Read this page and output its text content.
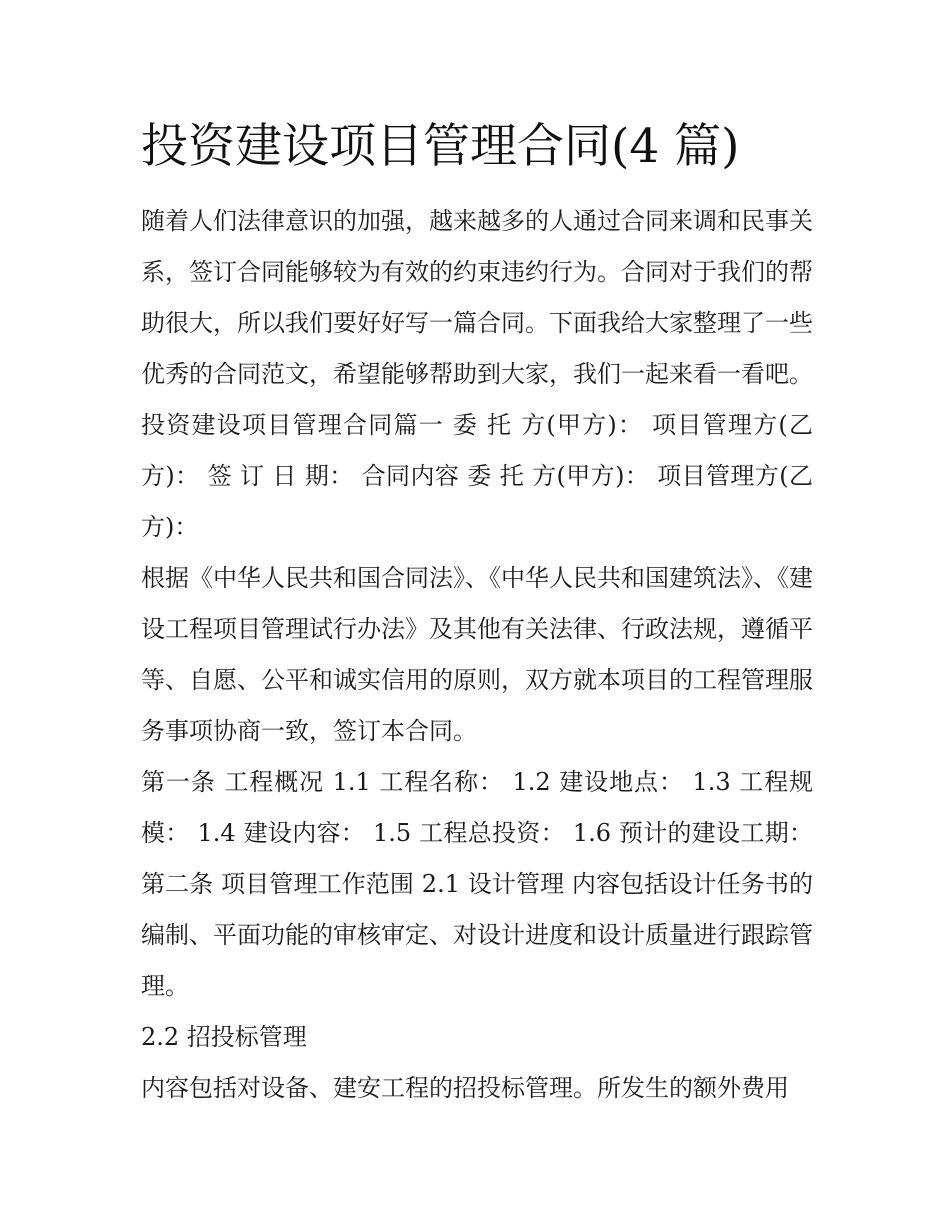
投资建设项目管理合同(4 篇)

随着人们法律意识的加强，越来越多的人通过合同来调和民事关系，签订合同能够较为有效的约束违约行为。合同对于我们的帮助很大，所以我们要好好写一篇合同。下面我给大家整理了一些优秀的合同范文，希望能够帮助到大家，我们一起来看一看吧。

投资建设项目管理合同篇一 委 托 方(甲方)： 项目管理方(乙方)： 签 订 日 期： 合同内容 委 托 方(甲方)： 项目管理方(乙方)：

根据《中华人民共和国合同法》、《中华人民共和国建筑法》、《建设工程项目管理试行办法》及其他有关法律、行政法规，遵循平等、自愿、公平和诚实信用的原则，双方就本项目的工程管理服务事项协商一致，签订本合同。

第一条 工程概况 1.1 工程名称： 1.2 建设地点： 1.3 工程规模： 1.4 建设内容： 1.5 工程总投资： 1.6 预计的建设工期： 第二条 项目管理工作范围 2.1 设计管理 内容包括设计任务书的编制、平面功能的审核审定、对设计进度和设计质量进行跟踪管理。

2.2 招投标管理

内容包括对设备、建安工程的招投标管理。所发生的额外费用
